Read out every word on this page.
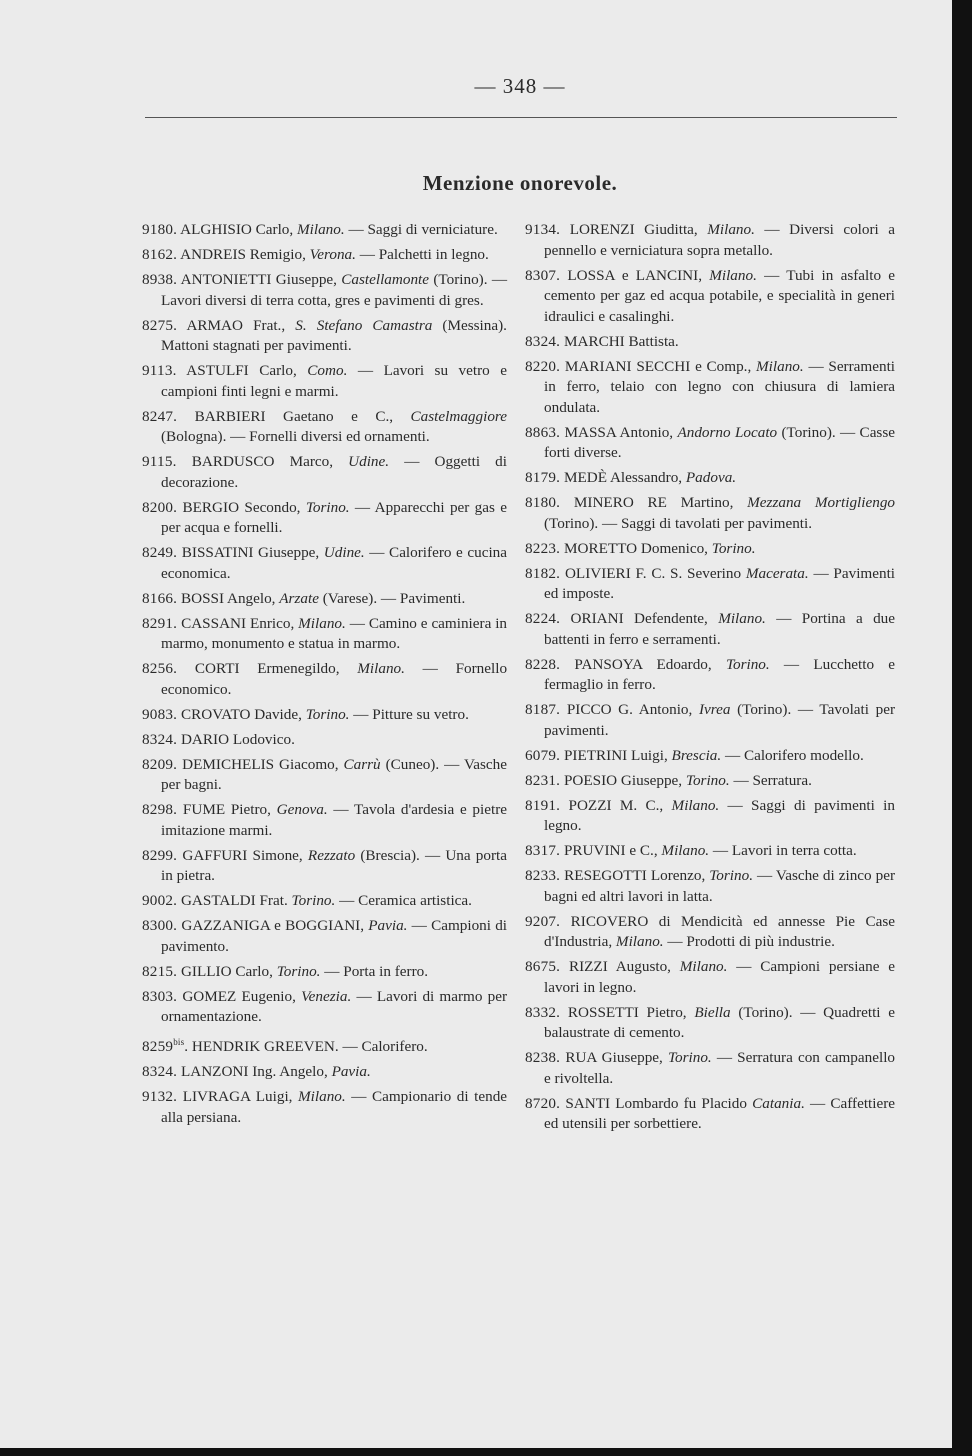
— 348 —
Menzione onorevole.

9180. ALGHISIO Carlo, Milano. — Saggi di verniciature.

8162. ANDREIS Remigio, Verona. — Palchetti in legno.

8938. ANTONIETTI Giuseppe, Castellamonte (Torino). — Lavori diversi di terra cotta, gres e pavimenti di gres.

8275. ARMAO Frat., S. Stefano Camastra (Messina). Mattoni stagnati per pavimenti.

9113. ASTULFI Carlo, Como. — Lavori su vetro e campioni finti legni e marmi.

8247. BARBIERI Gaetano e C., Castelmaggiore (Bologna). — Fornelli diversi ed ornamenti.

9115. BARDUSCO Marco, Udine. — Oggetti di decorazione.

8200. BERGIO Secondo, Torino. — Apparecchi per gas e per acqua e fornelli.

8249. BISSATINI Giuseppe, Udine. — Calorifero e cucina economica.

8166. BOSSI Angelo, Arzate (Varese). — Pavimenti.

8291. CASSANI Enrico, Milano. — Camino e caminiera in marmo, monumento e statua in marmo.

8256. CORTI Ermenegildo, Milano. — Fornello economico.

9083. CROVATO Davide, Torino. — Pitture su vetro.

8324. DARIO Lodovico.

8209. DEMICHELIS Giacomo, Carrù (Cuneo). — Vasche per bagni.

8298. FUME Pietro, Genova. — Tavola d'ardesia e pietre imitazione marmi.

8299. GAFFURI Simone, Rezzato (Brescia). — Una porta in pietra.

9002. GASTALDI Frat. Torino. — Ceramica artistica.

8300. GAZZANIGA e BOGGIANI, Pavia. — Campioni di pavimento.

8215. GILLIO Carlo, Torino. — Porta in ferro.

8303. GOMEZ Eugenio, Venezia. — Lavori di marmo per ornamentazione.

$8259^{bis}$. HENDRIK GREEVEN. — Calorifero.

8324. LANZONI Ing. Angelo, Pavia.

9132. LIVRAGA Luigi, Milano. — Campionario di tende alla persiana.

9134. LORENZI Giuditta, Milano. — Diversi colori a pennello e verniciatura sopra metallo.

8307. LOSSA e LANCINI, Milano. — Tubi in asfalto e cemento per gaz ed acqua potabile, e specialità in generi idraulici e casalinghi.

8324. MARCHI Battista.

8220. MARIANI SECCHI e Comp., Milano. — Serramenti in ferro, telaio con legno con chiusura di lamiera ondulata.

8863. MASSA Antonio, Andorno Locato (Torino). — Casse forti diverse.

8179. MEDÈ Alessandro, Padova.

8180. MINERO RE Martino, Mezzana Mortigliengo (Torino). — Saggi di tavolati per pavimenti.

8223. MORETTO Domenico, Torino.

8182. OLIVIERI F. C. S. Severino Macerata. — Pavimenti ed imposte.

8224. ORIANI Defendente, Milano. — Portina a due battenti in ferro e serramenti.

8228. PANSOYA Edoardo, Torino. — Lucchetto e fermaglio in ferro.

8187. PICCO G. Antonio, Ivrea (Torino). — Tavolati per pavimenti.

6079. PIETRINI Luigi, Brescia. — Calorifero modello.

8231. POESIO Giuseppe, Torino. — Serratura.

8191. POZZI M. C., Milano. — Saggi di pavimenti in legno.

8317. PRUVINI e C., Milano. — Lavori in terra cotta.

8233. RESEGOTTI Lorenzo, Torino. — Vasche di zinco per bagni ed altri lavori in latta.

9207. RICOVERO di Mendicità ed annesse Pie Case d'Industria, Milano. — Prodotti di più industrie.

8675. RIZZI Augusto, Milano. — Campioni persiane e lavori in legno.

8332. ROSSETTI Pietro, Biella (Torino). — Quadretti e balaustrate di cemento.

8238. RUA Giuseppe, Torino. — Serratura con campanello e rivoltella.

8720. SANTI Lombardo fu Placido Catania. — Caffettiere ed utensili per sorbettiere.
